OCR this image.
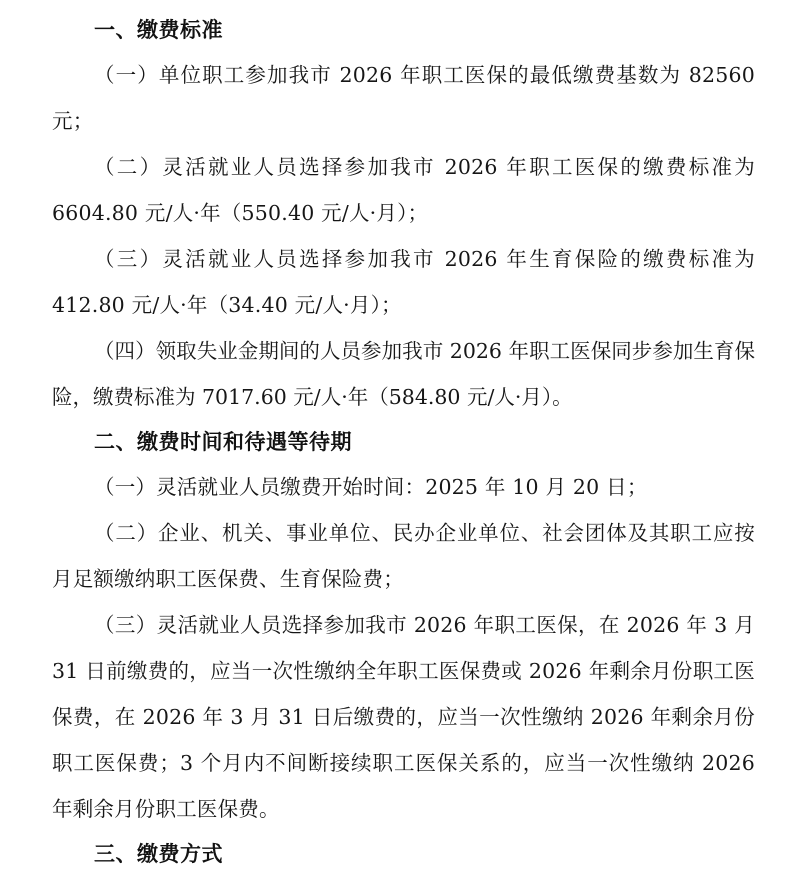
一、缴费标准

（一）单位职工参加我市 2026 年职工医保的最低缴费基数为 82560 元；

（二）灵活就业人员选择参加我市 2026 年职工医保的缴费标准为 6604.80 元/人·年（550.40 元/人·月）；

（三）灵活就业人员选择参加我市 2026 年生育保险的缴费标准为 412.80 元/人·年（34.40 元/人·月）；

（四）领取失业金期间的人员参加我市 2026 年职工医保同步参加生育保险，缴费标准为 7017.60 元/人·年（584.80 元/人·月）。

二、缴费时间和待遇等待期

（一）灵活就业人员缴费开始时间：2025 年 10 月 20 日；

（二）企业、机关、事业单位、民办企业单位、社会团体及其职工应按月足额缴纳职工医保费、生育保险费；

（三）灵活就业人员选择参加我市 2026 年职工医保，在 2026 年 3 月 31 日前缴费的，应当一次性缴纳全年职工医保费或 2026 年剩余月份职工医保费，在 2026 年 3 月 31 日后缴费的，应当一次性缴纳 2026 年剩余月份职工医保费；3 个月内不间断接续职工医保关系的，应当一次性缴纳 2026 年剩余月份职工医保费。

三、缴费方式
